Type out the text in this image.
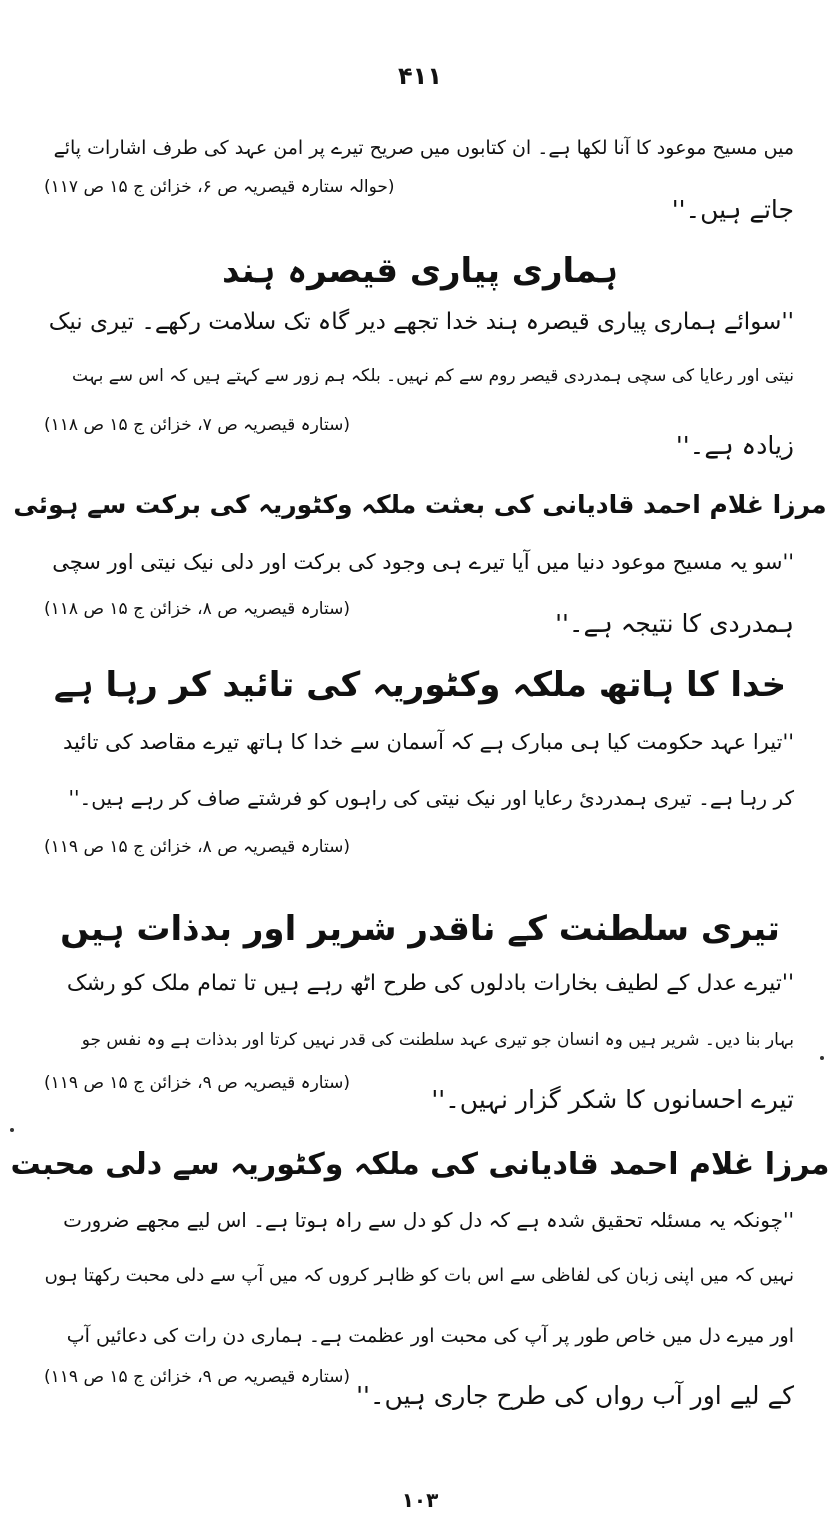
۴۱۱
میں مسیح موعود کا آنا لکھا ہے۔ ان کتابوں میں صریح تیرے پر امن عہد کی طرف اشارات پائے
(حوالہ ستارہ قیصریہ ص ۶، خزائن ج ۱۵ ص ۱۱۷)
جاتے ہیں۔''
ہماری پیاری قیصرہ ہند
''سوائے ہماری پیاری قیصرہ ہند خدا تجھے دیر گاہ تک سلامت رکھے۔ تیری نیک
نیتی اور رعایا کی سچی ہمدردی قیصر روم سے کم نہیں۔ بلکہ ہم زور سے کہتے ہیں کہ اس سے بہت
(ستارہ قیصریہ ص ۷، خزائن ج ۱۵ ص ۱۱۸)
زیادہ ہے۔''
مرزا غلام احمد قادیانی کی بعثت ملکہ وکٹوریہ کی برکت سے ہوئی
''سو یہ مسیح موعود دنیا میں آیا تیرے ہی وجود کی برکت اور دلی نیک نیتی اور سچی
(ستارہ قیصریہ ص ۸، خزائن ج ۱۵ ص ۱۱۸)	ہمدردی کا نتیجہ ہے۔''
خدا کا ہاتھ ملکہ وکٹوریہ کی تائید کر رہا ہے
''تیرا عہد حکومت کیا ہی مبارک ہے کہ آسمان سے خدا کا ہاتھ تیرے مقاصد کی تائید
کر رہا ہے۔ تیری ہمدردئ رعایا اور نیک نیتی کی راہوں کو فرشتے صاف کر رہے ہیں۔''
(ستارہ قیصریہ ص ۸، خزائن ج ۱۵ ص ۱۱۹)
تیری سلطنت کے ناقدر شریر اور بدذات ہیں
''تیرے عدل کے لطیف بخارات بادلوں کی طرح اٹھ رہے ہیں تا تمام ملک کو رشک
بہار بنا دیں۔ شریر ہیں وہ انسان جو تیری عہد سلطنت کی قدر نہیں کرتا اور بدذات ہے وہ نفس جو
(ستارہ قیصریہ ص ۹، خزائن ج ۱۵ ص ۱۱۹)
تیرے احسانوں کا شکر گزار نہیں۔''
مرزا غلام احمد قادیانی کی ملکہ وکٹوریہ سے دلی محبت
''چونکہ یہ مسئلہ تحقیق شدہ ہے کہ دل کو دل سے راہ ہوتا ہے۔ اس لیے مجھے ضرورت
نہیں کہ میں اپنی زبان کی لفاظی سے اس بات کو ظاہر کروں کہ میں آپ سے دلی محبت رکھتا ہوں
اور میرے دل میں خاص طور پر آپ کی محبت اور عظمت ہے۔ ہماری دن رات کی دعائیں آپ
(ستارہ قیصریہ ص ۹، خزائن ج ۱۵ ص ۱۱۹)
کے لیے اور آب رواں کی طرح جاری ہیں۔''
۱۰۳
